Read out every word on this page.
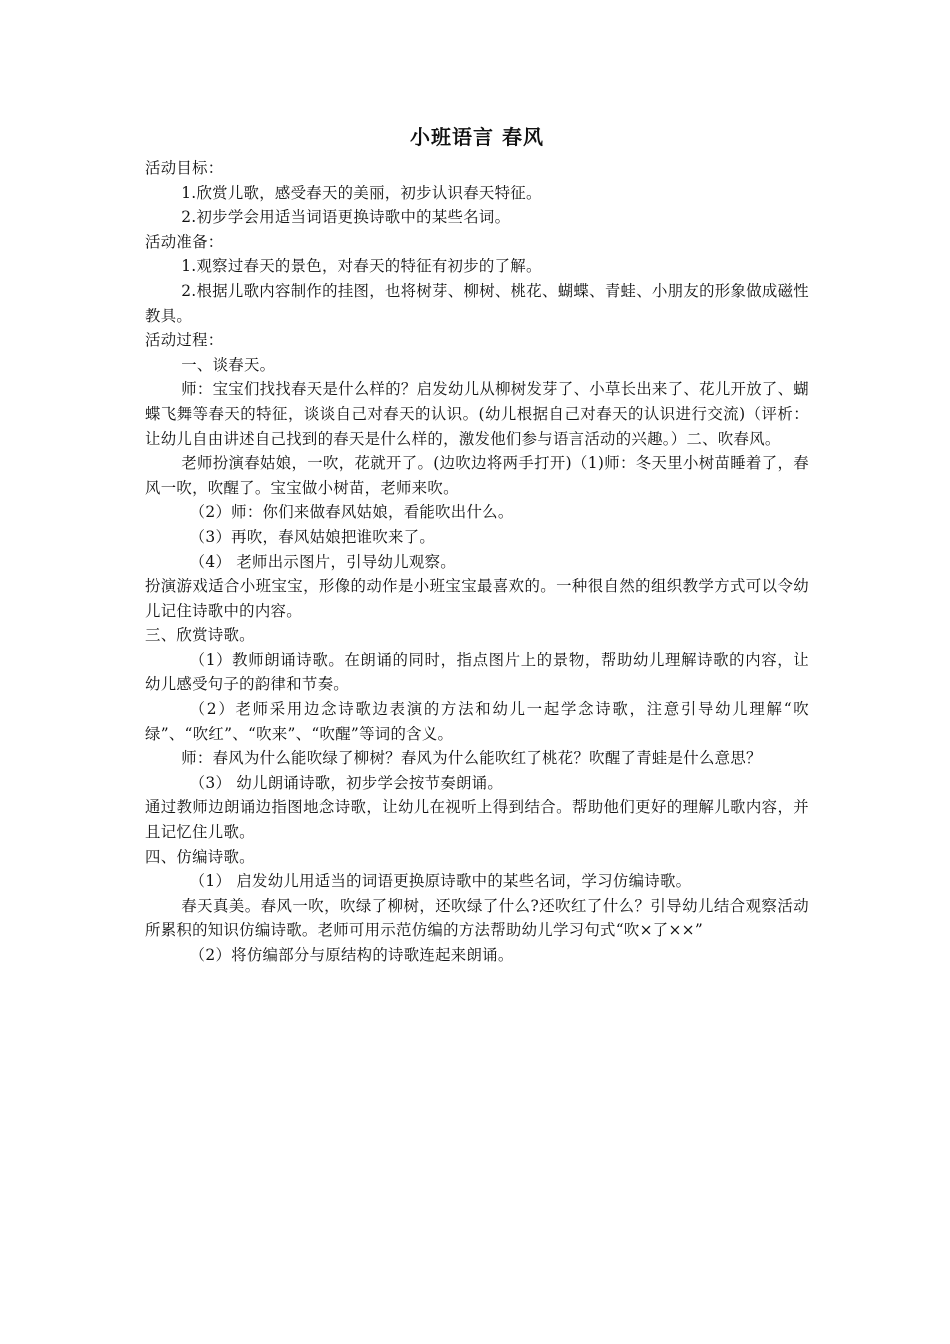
小班语言 春风

活动目标：

1.欣赏儿歌，感受春天的美丽，初步认识春天特征。

2.初步学会用适当词语更换诗歌中的某些名词。

活动准备：

1.观察过春天的景色，对春天的特征有初步的了解。

2.根据儿歌内容制作的挂图，也将树芽、柳树、桃花、蝴蝶、青蛙、小朋友的形象做成磁性教具。

活动过程：

一、谈春天。

师：宝宝们找找春天是什么样的？启发幼儿从柳树发芽了、小草长出来了、花儿开放了、蝴蝶飞舞等春天的特征，谈谈自己对春天的认识。(幼儿根据自己对春天的认识进行交流)（评析：让幼儿自由讲述自己找到的春天是什么样的，激发他们参与语言活动的兴趣。）二、吹春风。

老师扮演春姑娘，一吹，花就开了。(边吹边将两手打开)（1)师：冬天里小树苗睡着了，春风一吹，吹醒了。宝宝做小树苗，老师来吹。

（2）师：你们来做春风姑娘，看能吹出什么。

（3）再吹，春风姑娘把谁吹来了。

（4） 老师出示图片，引导幼儿观察。

扮演游戏适合小班宝宝，形像的动作是小班宝宝最喜欢的。一种很自然的组织教学方式可以令幼儿记住诗歌中的内容。

三、欣赏诗歌。

（1）教师朗诵诗歌。在朗诵的同时，指点图片上的景物，帮助幼儿理解诗歌的内容，让幼儿感受句子的韵律和节奏。

（2）老师采用边念诗歌边表演的方法和幼儿一起学念诗歌，注意引导幼儿理解“吹绿”、“吹红”、“吹来”、“吹醒”等词的含义。

师：春风为什么能吹绿了柳树？春风为什么能吹红了桃花？吹醒了青蛙是什么意思？

（3） 幼儿朗诵诗歌，初步学会按节奏朗诵。

通过教师边朗诵边指图地念诗歌，让幼儿在视听上得到结合。帮助他们更好的理解儿歌内容，并且记忆住儿歌。

四、仿编诗歌。

（1） 启发幼儿用适当的词语更换原诗歌中的某些名词，学习仿编诗歌。

春天真美。春风一吹，吹绿了柳树，还吹绿了什么?还吹红了什么？引导幼儿结合观察活动所累积的知识仿编诗歌。老师可用示范仿编的方法帮助幼儿学习句式“吹×了××”

（2）将仿编部分与原结构的诗歌连起来朗诵。
